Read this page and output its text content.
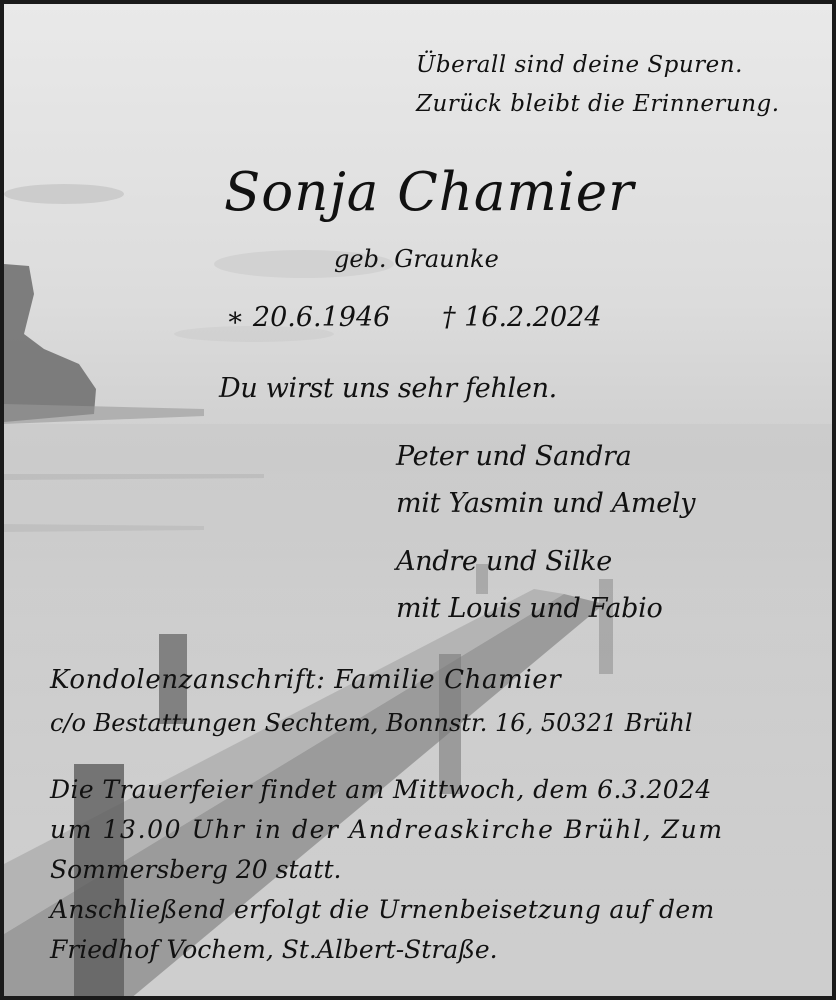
Überall sind deine Spuren.

Zurück bleibt die Erinnerung.

Sonja Chamier

geb. Graunke

∗ 20.6.1946 † 16.2.2024

Du wirst uns sehr fehlen.

Peter und Sandra

mit Yasmin und Amely

Andre und Silke

mit Louis und Fabio

Kondolenzanschrift: Familie Chamier

c/o Bestattungen Sechtem, Bonnstr. 16, 50321 Brühl

Die Trauerfeier findet am Mittwoch, dem 6.3.2024

um 13.00 Uhr in der Andreaskirche Brühl, Zum

Sommersberg 20 statt.

Anschließend erfolgt die Urnenbeisetzung auf dem

Friedhof Vochem, St.Albert-Straße.
